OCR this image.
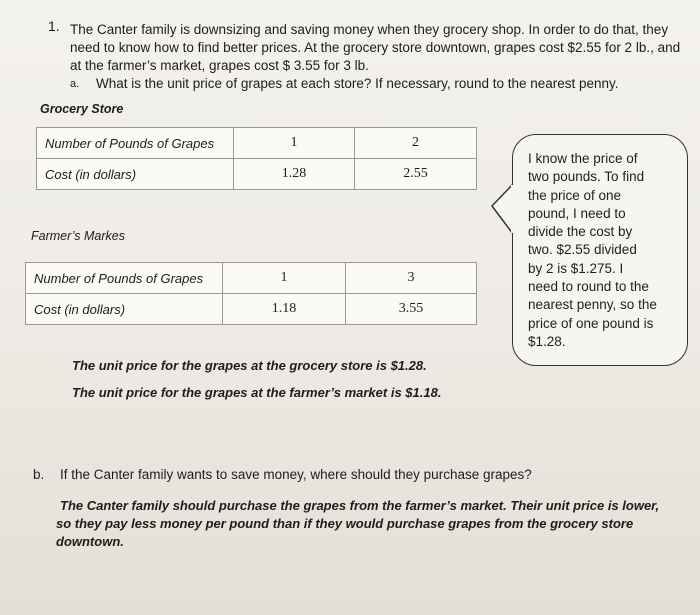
1. The Canter family is downsizing and saving money when they grocery shop. In order to do that, they
need to know how to find better prices. At the grocery store downtown, grapes cost $2.55 for 2 lb., and
at the farmer’s market, grapes cost $ 3.55 for 3 lb.
a. What is the unit price of grapes at each store? If necessary, round to the nearest penny.
Grocery Store
Number of Pounds of Grapes	1	2
Cost (in dollars)	1.28	2.55
Farmer’s Markes
Number of Pounds of Grapes	1	3
Cost (in dollars)	1.18	3.55
I know the price of
two pounds. To find
the price of one
pound, I need to
divide the cost by
two. $2.55 divided
by 2 is $1.275. I
need to round to the
nearest penny, so the
price of one pound is
$1.28.
The unit price for the grapes at the grocery store is $1.28.
The unit price for the grapes at the farmer’s market is $1.18.
b. If the Canter family wants to save money, where should they purchase grapes?
The Canter family should purchase the grapes from the farmer’s market. Their unit price is lower,
so they pay less money per pound than if they would purchase grapes from the grocery store
downtown.
